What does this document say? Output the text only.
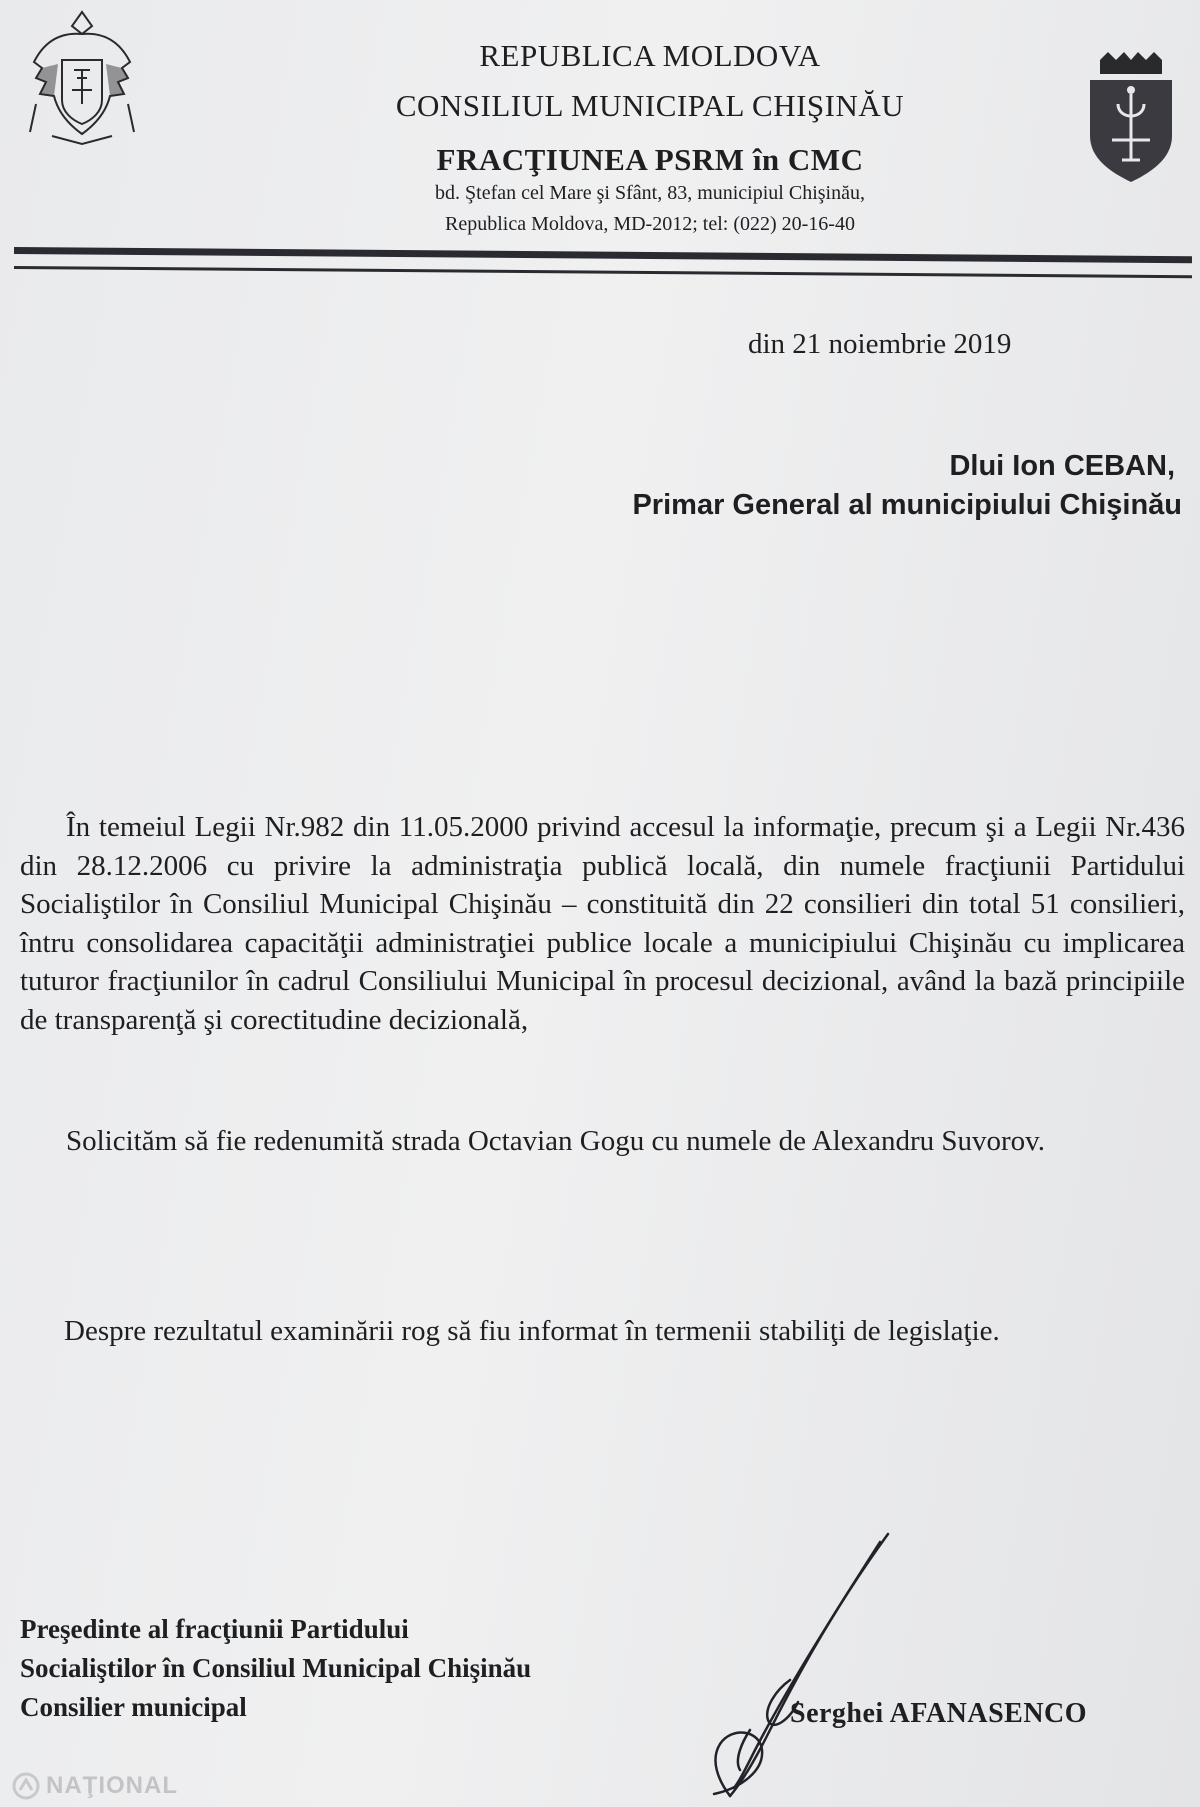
REPUBLICA MOLDOVA
CONSILIUL MUNICIPAL CHIŞINĂU
FRACŢIUNEA PSRM în CMC
bd. Ştefan cel Mare şi Sfânt, 83, municipiul Chişinău,
Republica Moldova, MD-2012; tel: (022) 20-16-40
din 21 noiembrie 2019
Dlui Ion CEBAN,
Primar General al municipiului Chişinău
În temeiul Legii Nr.982 din 11.05.2000 privind accesul la informaţie, precum şi a Legii Nr.436 din 28.12.2006 cu privire la administraţia publică locală, din numele fracţiunii Partidului Socialiştilor în Consiliul Municipal Chişinău – constituită din 22 consilieri din total 51 consilieri, întru consolidarea capacităţii administraţiei publice locale a municipiului Chişinău cu implicarea tuturor fracţiunilor în cadrul Consiliului Municipal în procesul decizional, având la bază principiile de transparenţă şi corectitudine decizională,
Solicităm să fie redenumită strada Octavian Gogu cu numele de Alexandru Suvorov.
Despre rezultatul examinării rog să fiu informat în termenii stabiliţi de legislaţie.
Preşedinte al fracţiunii Partidului
Socialiştilor în Consiliul Municipal Chişinău
Consilier municipal	Serghei AFANASENCO
NAŢIONAL
